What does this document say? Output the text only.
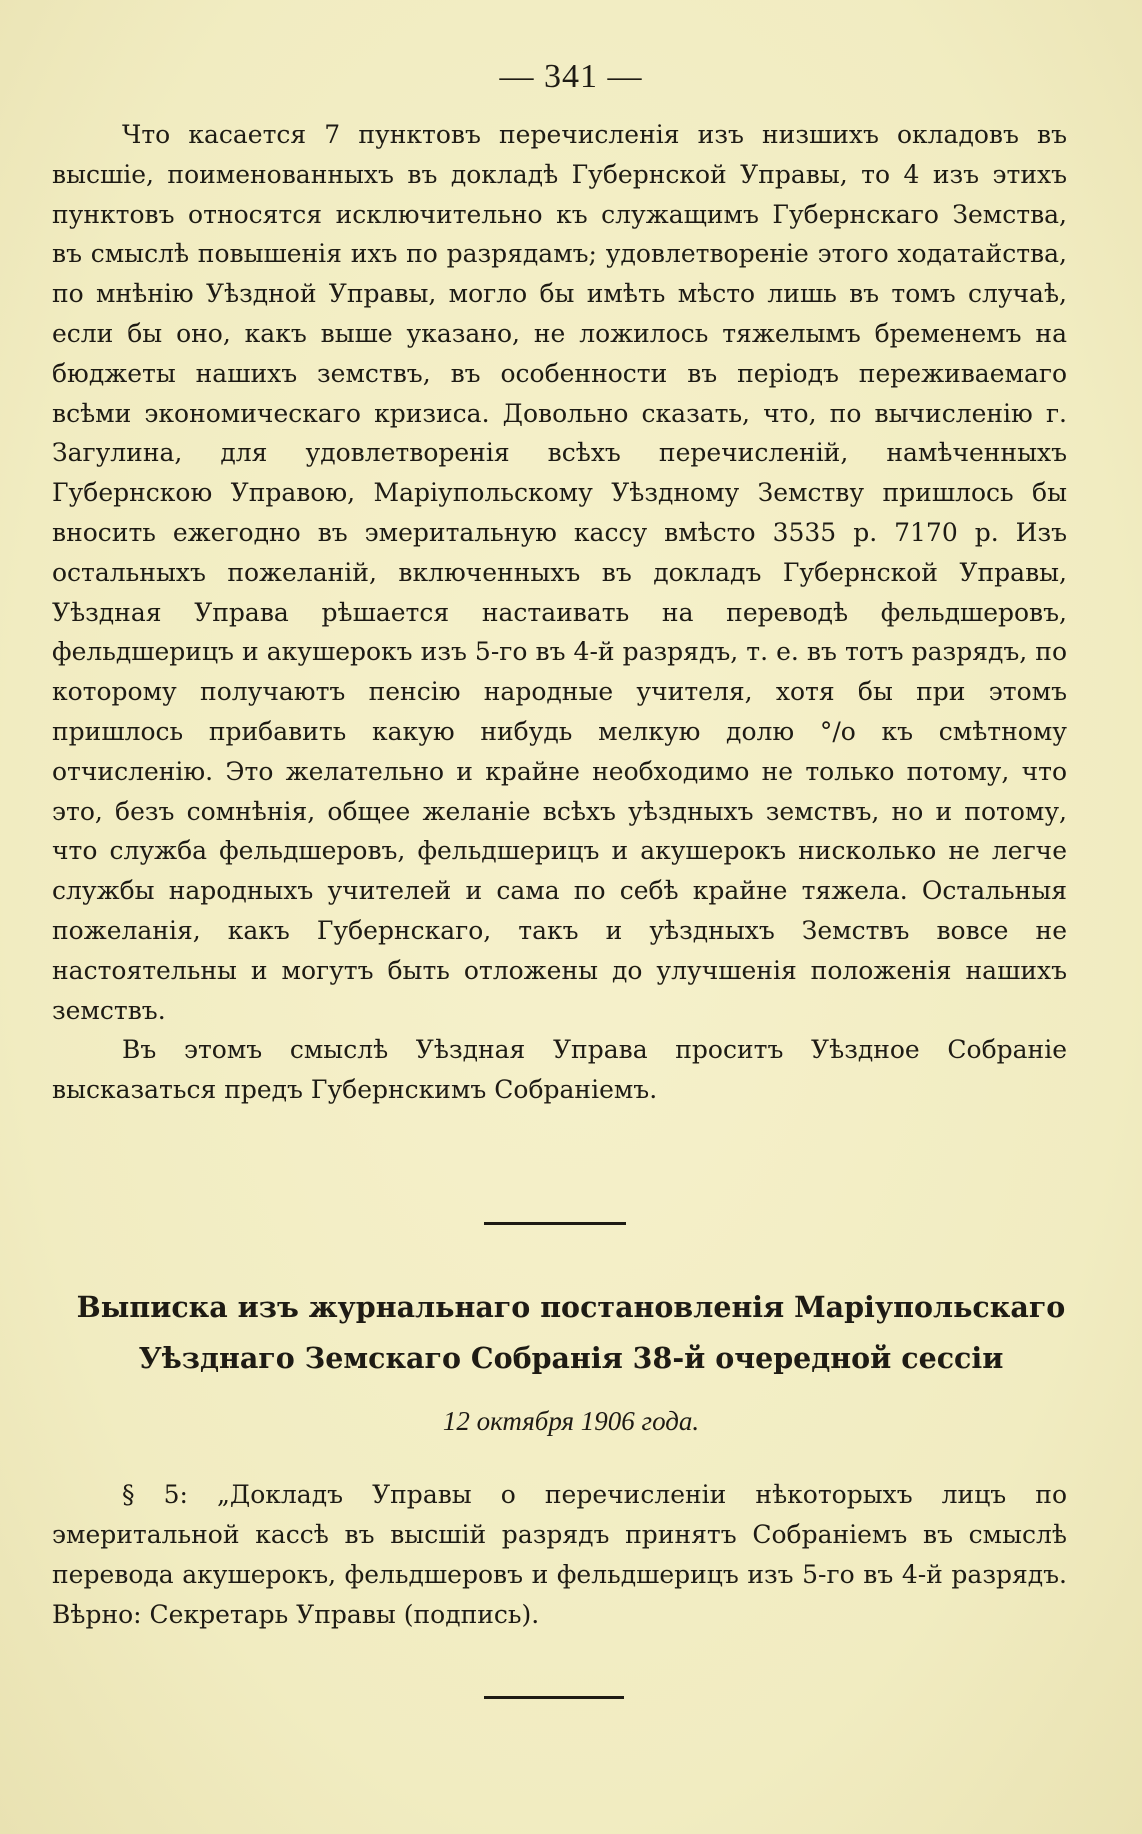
— 341 —

Что касается 7 пунктовъ перечисленія изъ низшихъ окладовъ въ высшіе, поименованныхъ въ докладѣ Губернской Управы, то 4 изъ этихъ пунктовъ относятся исключительно къ служащимъ Губернскаго Земства, въ смыслѣ повышенія ихъ по разрядамъ; удовлетвореніе этого ходатайства, по мнѣнію Уѣздной Управы, могло бы имѣть мѣсто лишь въ томъ случаѣ, если бы оно, какъ выше указано, не ложилось тяжелымъ бременемъ на бюджеты нашихъ земствъ, въ особенности въ періодъ переживаемаго всѣми экономическаго кризиса. Довольно сказать, что, по вычисленію г. Загулина, для удовлетворенія всѣхъ перечисленій, намѣченныхъ Губернскою Управою, Маріупольскому Уѣздному Земству пришлось бы вносить ежегодно въ эмеритальную кассу вмѣсто 3535 р. 7170 р. Изъ остальныхъ пожеланій, включенныхъ въ докладъ Губернской Управы, Уѣздная Управа рѣшается настаивать на переводѣ фельдшеровъ, фельдшерицъ и акушерокъ изъ 5-го въ 4-й разрядъ, т. е. въ тотъ разрядъ, по которому получаютъ пенсію народные учителя, хотя бы при этомъ пришлось прибавить какую нибудь мелкую долю °/o къ смѣтному отчисленію. Это желательно и крайне необходимо не только потому, что это, безъ сомнѣнія, общее желаніе всѣхъ уѣздныхъ земствъ, но и потому, что служба фельдшеровъ, фельдшерицъ и акушерокъ нисколько не легче службы народныхъ учителей и сама по себѣ крайне тяжела. Остальныя пожеланія, какъ Губернскаго, такъ и уѣздныхъ Земствъ вовсе не настоятельны и могутъ быть отложены до улучшенія положенія нашихъ земствъ.

Въ этомъ смыслѣ Уѣздная Управа проситъ Уѣздное Собраніе высказаться предъ Губернскимъ Собраніемъ.

Выписка изъ журнальнаго постановленія Маріупольскаго
Уѣзднаго Земскаго Собранія 38-й очередной сессіи
12 октября 1906 года.

§ 5: „Докладъ Управы о перечисленіи нѣкоторыхъ лицъ по эмеритальной кассѣ въ высшій разрядъ принятъ Собраніемъ въ смыслѣ перевода акушерокъ, фельдшеровъ и фельдшерицъ изъ 5-го въ 4-й разрядъ. Вѣрно: Секретарь Управы (подпись).
